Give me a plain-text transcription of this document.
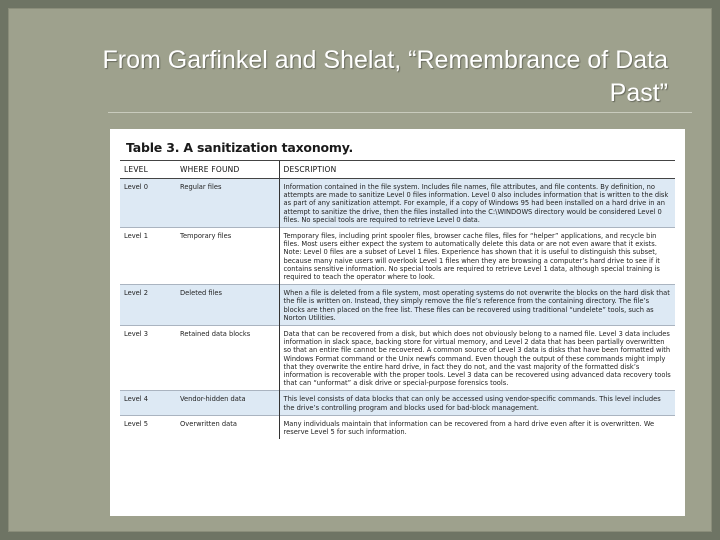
From Garfinkel and Shelat, “Remembrance of Data Past”
Table 3. A sanitization taxonomy.
LEVEL	WHERE FOUND	DESCRIPTION
Level 0	Regular files	Information contained in the file system. Includes file names, file attributes, and file contents. By definition, no attempts are made to sanitize Level 0 files information. Level 0 also includes information that is written to the disk as part of any sanitization attempt. For example, if a copy of Windows 95 had been installed on a hard drive in an attempt to sanitize the drive, then the files installed into the C:\WINDOWS directory would be considered Level 0 files. No special tools are required to retrieve Level 0 data.
Level 1	Temporary files	Temporary files, including print spooler files, browser cache files, files for “helper” applications, and recycle bin files. Most users either expect the system to automatically delete this data or are not even aware that it exists. Note: Level 0 files are a subset of Level 1 files. Experience has shown that it is useful to distinguish this subset, because many naive users will overlook Level 1 files when they are browsing a computer’s hard drive to see if it contains sensitive information. No special tools are required to retrieve Level 1 data, although special training is required to teach the operator where to look.
Level 2	Deleted files	When a file is deleted from a file system, most operating systems do not overwrite the blocks on the hard disk that the file is written on. Instead, they simply remove the file’s reference from the containing directory. The file’s blocks are then placed on the free list. These files can be recovered using traditional “undelete” tools, such as Norton Utilities.
Level 3	Retained data blocks	Data that can be recovered from a disk, but which does not obviously belong to a named file. Level 3 data includes information in slack space, backing store for virtual memory, and Level 2 data that has been partially overwritten so that an entire file cannot be recovered. A common source of Level 3 data is disks that have been formatted with Windows Format command or the Unix newfs command. Even though the output of these commands might imply that they overwrite the entire hard drive, in fact they do not, and the vast majority of the formatted disk’s information is recoverable with the proper tools. Level 3 data can be recovered using advanced data recovery tools that can “unformat” a disk drive or special-purpose forensics tools.
Level 4	Vendor-hidden data	This level consists of data blocks that can only be accessed using vendor-specific commands. This level includes the drive’s controlling program and blocks used for bad-block management.
Level 5	Overwritten data	Many individuals maintain that information can be recovered from a hard drive even after it is overwritten. We reserve Level 5 for such information.
